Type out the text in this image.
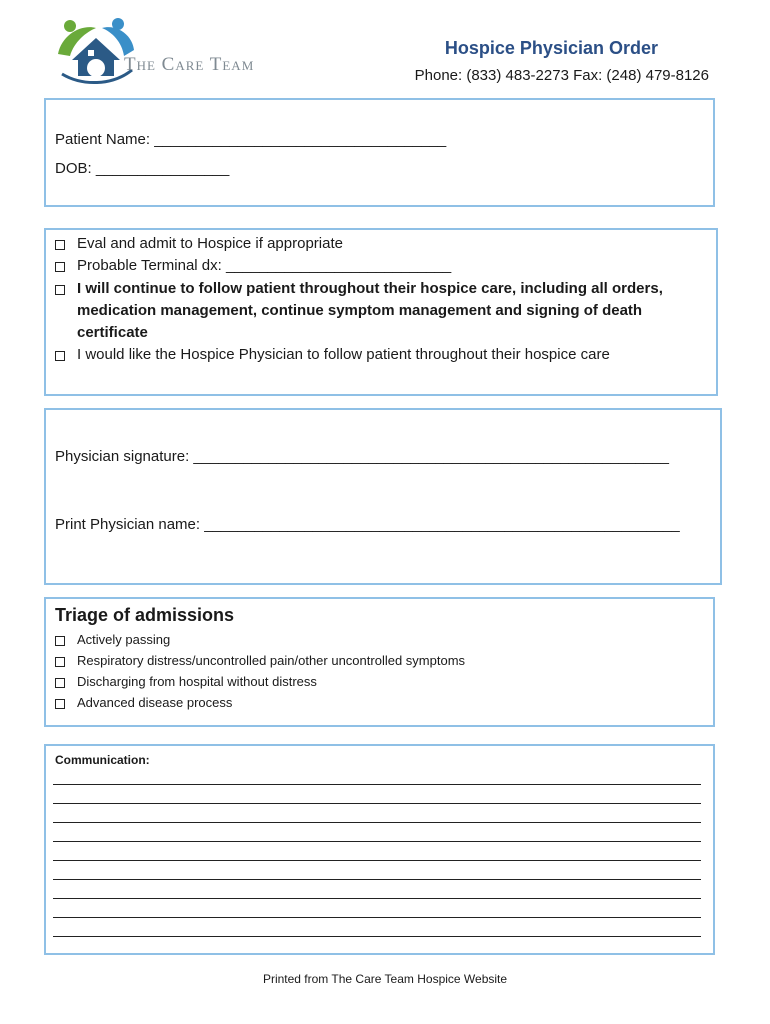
The Care Team
Hospice Physician Order
Phone: (833) 483-2273 Fax: (248) 479-8126
Patient Name: ___________________________________
DOB: ________________
Eval and admit to Hospice if appropriate
Probable Terminal dx: ___________________________
I will continue to follow patient throughout their hospice care, including all orders,
medication management, continue symptom management and signing of death
certificate
I would like the Hospice Physician to follow patient throughout their hospice care
Physician signature: _________________________________________________________
Print Physician name: _________________________________________________________
Triage of admissions
Actively passing
Respiratory distress/uncontrolled pain/other uncontrolled symptoms
Discharging from hospital without distress
Advanced disease process
Communication:
Printed from The Care Team Hospice Website
